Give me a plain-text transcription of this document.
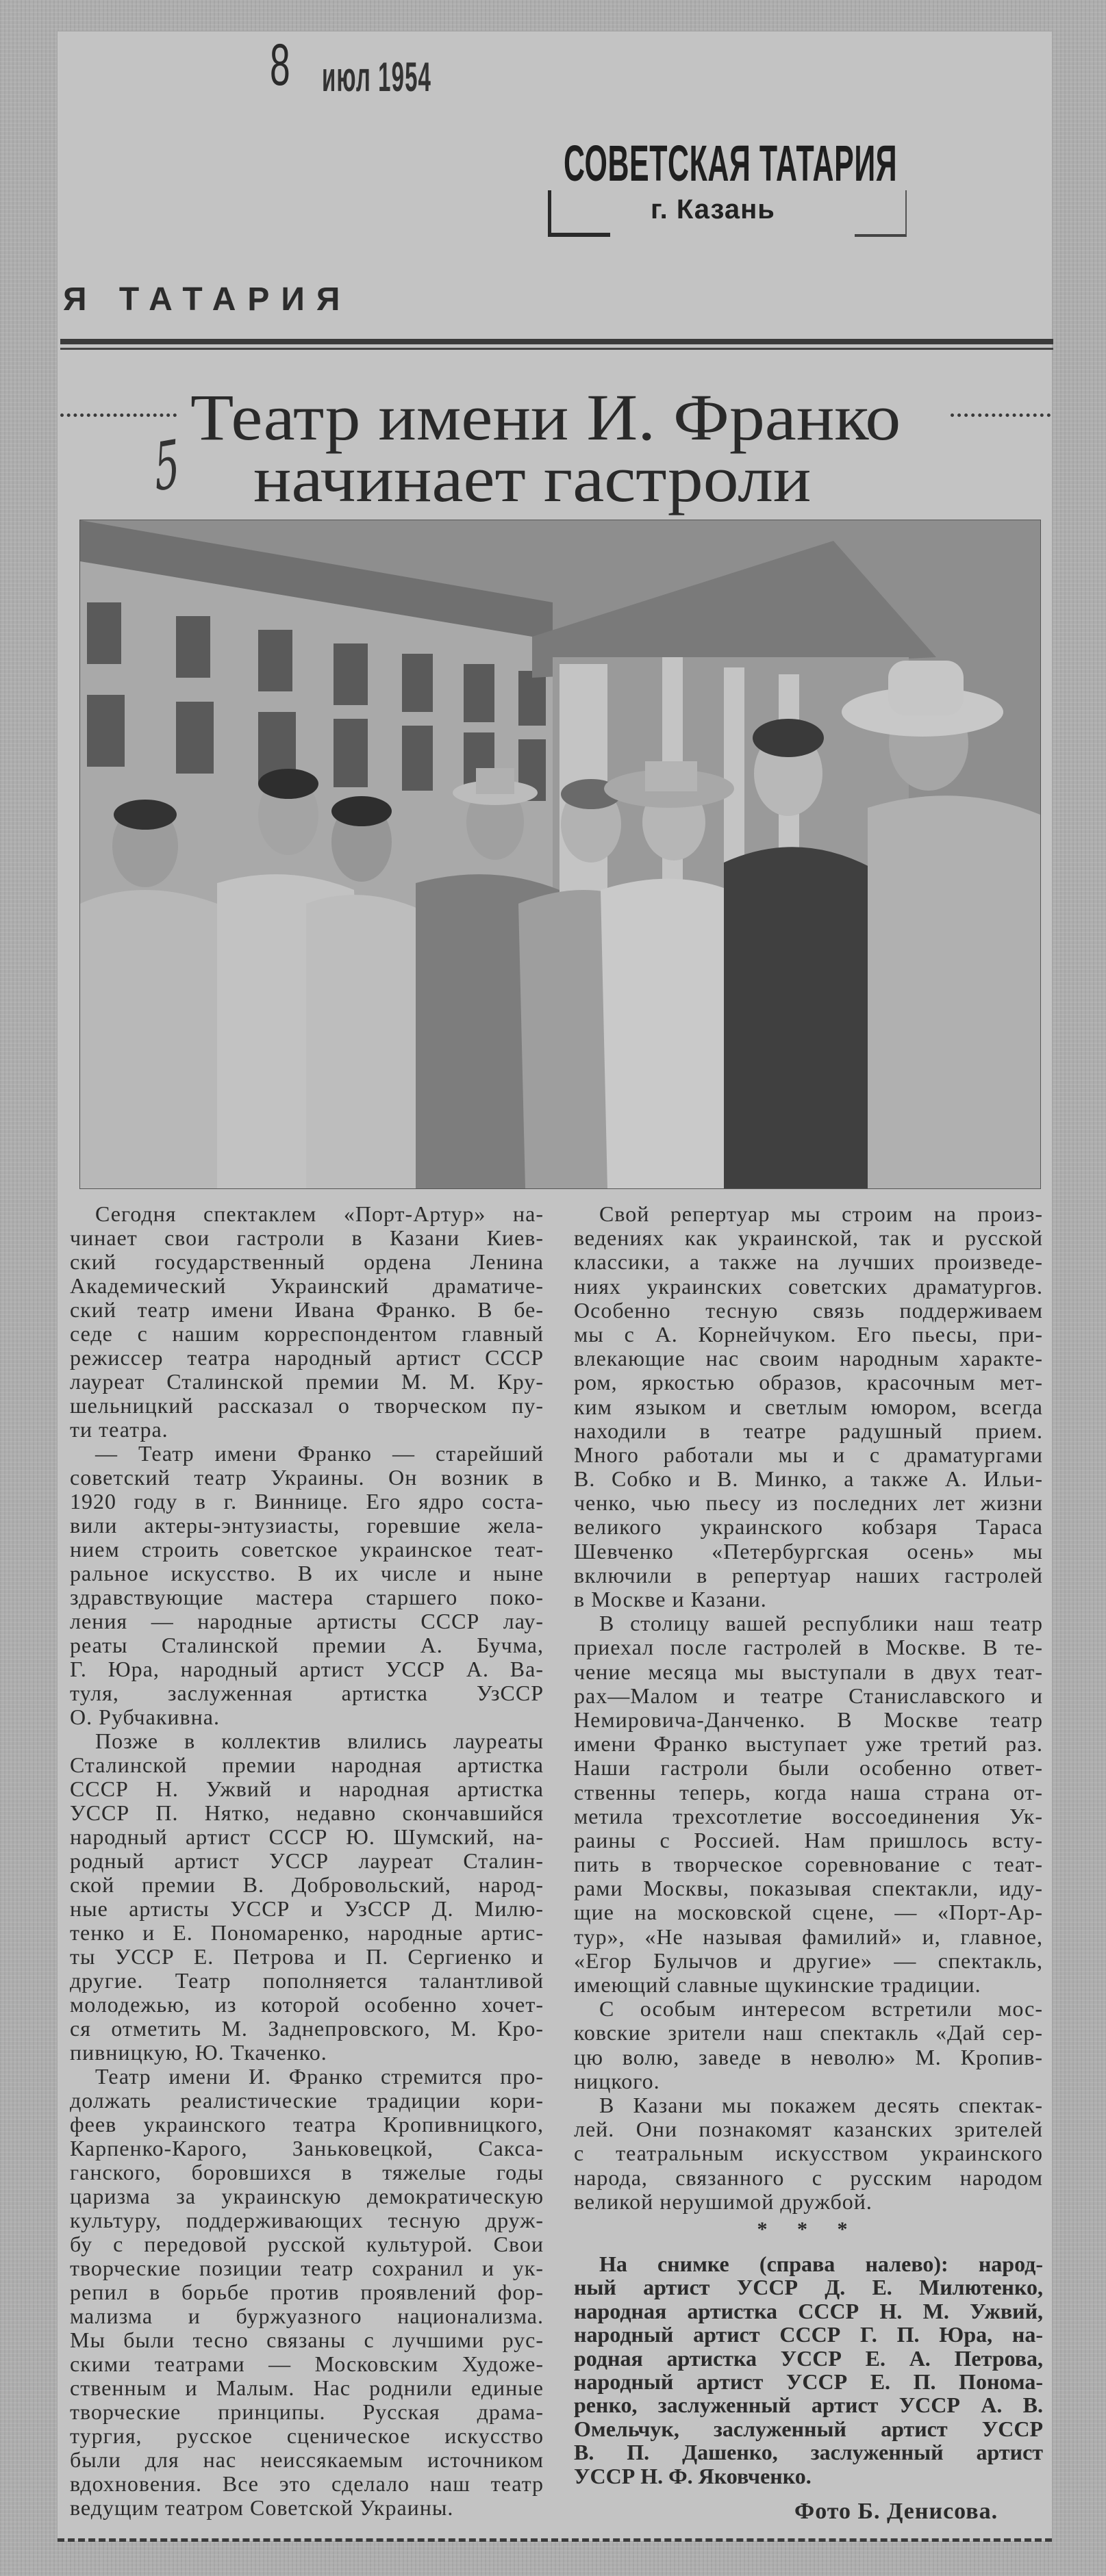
8 июл 1954
СОВЕТСКАЯ ТАТАРИЯ
г. Казань
Я ТАТАРИЯ
Театр имени И. Франко
начинает гастроли
5
Сегодня спектаклем «Порт-Артур» на-
чинает свои гастроли в Казани Киев-
ский государственный ордена Ленина
Академический Украинский драматиче-
ский театр имени Ивана Франко. В бе-
седе с нашим корреспондентом главный
режиссер театра народный артист СССР
лауреат Сталинской премии М. М. Кру-
шельницкий рассказал о творческом пу-
ти театра.
— Театр имени Франко — старейший
советский театр Украины. Он возник в
1920 году в г. Виннице. Его ядро соста-
вили актеры-энтузиасты, горевшие жела-
нием строить советское украинское теат-
ральное искусство. В их числе и ныне
здравствующие мастера старшего поко-
ления — народные артисты СССР лау-
реаты Сталинской премии А. Бучма,
Г. Юра, народный артист УССР А. Ва-
туля, заслуженная артистка УзССР
О. Рубчакивна.
Позже в коллектив влились лауреаты
Сталинской премии народная артистка
СССР Н. Ужвий и народная артистка
УССР П. Нятко, недавно скончавшийся
народный артист СССР Ю. Шумский, на-
родный артист УССР лауреат Сталин-
ской премии В. Добровольский, народ-
ные артисты УССР и УзССР Д. Милю-
тенко и Е. Пономаренко, народные артис-
ты УССР Е. Петрова и П. Сергиенко и
другие. Театр пополняется талантливой
молодежью, из которой особенно хочет-
ся отметить М. Заднепровского, М. Кро-
пивницкую, Ю. Ткаченко.
Театр имени И. Франко стремится про-
должать реалистические традиции кори-
феев украинского театра Кропивницкого,
Карпенко-Карого, Заньковецкой, Сакса-
ганского, боровшихся в тяжелые годы
царизма за украинскую демократическую
культуру, поддерживающих тесную друж-
бу с передовой русской культурой. Свои
творческие позиции театр сохранил и ук-
репил в борьбе против проявлений фор-
мализма и буржуазного национализма.
Мы были тесно связаны с лучшими рус-
скими театрами — Московским Художе-
ственным и Малым. Нас роднили единые
творческие принципы. Русская драма-
тургия, русское сценическое искусство
были для нас неиссякаемым источником
вдохновения. Все это сделало наш театр
ведущим театром Советской Украины.
Свой репертуар мы строим на произ-
ведениях как украинской, так и русской
классики, а также на лучших произведе-
ниях украинских советских драматургов.
Особенно тесную связь поддерживаем
мы с А. Корнейчуком. Его пьесы, при-
влекающие нас своим народным характе-
ром, яркостью образов, красочным мет-
ким языком и светлым юмором, всегда
находили в театре радушный прием.
Много работали мы и с драматургами
В. Собко и В. Минко, а также А. Ильи-
ченко, чью пьесу из последних лет жизни
великого украинского кобзаря Тараса
Шевченко «Петербургская осень» мы
включили в репертуар наших гастролей
в Москве и Казани.
В столицу вашей республики наш театр
приехал после гастролей в Москве. В те-
чение месяца мы выступали в двух теат-
рах—Малом и театре Станиславского и
Немировича-Данченко. В Москве театр
имени Франко выступает уже третий раз.
Наши гастроли были особенно ответ-
ственны теперь, когда наша страна от-
метила трехсотлетие воссоединения Ук-
раины с Россией. Нам пришлось всту-
пить в творческое соревнование с теат-
рами Москвы, показывая спектакли, иду-
щие на московской сцене, — «Порт-Ар-
тур», «Не называя фамилий» и, главное,
«Егор Булычов и другие» — спектакль,
имеющий славные щукинские традиции.
С особым интересом встретили мос-
ковские зрители наш спектакль «Дай сер-
цю волю, заведе в неволю» М. Кропив-
ницкого.
В Казани мы покажем десять спектак-
лей. Они познакомят казанских зрителей
с театральным искусством украинского
народа, связанного с русским народом
великой нерушимой дружбой.
* * *
На снимке (справа налево): народ-
ный артист УССР Д. Е. Милютенко,
народная артистка СССР Н. М. Ужвий,
народный артист СССР Г. П. Юра, на-
родная артистка УССР Е. А. Петрова,
народный артист УССР Е. П. Понома-
ренко, заслуженный артист УССР А. В.
Омельчук, заслуженный артист УССР
В. П. Дашенко, заслуженный артист
УССР Н. Ф. Яковченко.
Фото Б. Денисова.
